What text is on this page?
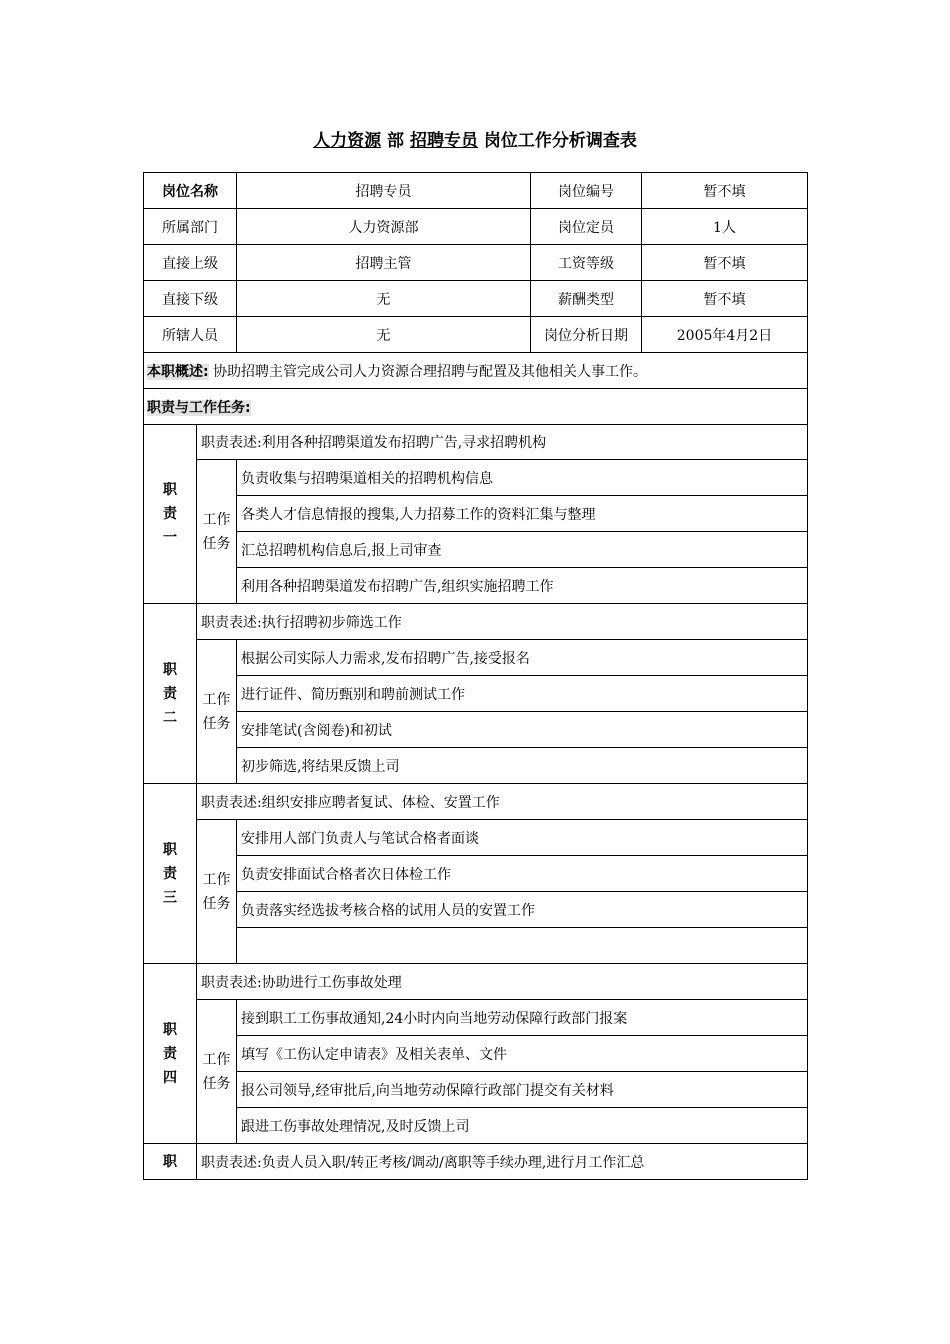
人力资源 部 招聘专员 岗位工作分析调查表
岗位名称		招聘专员	岗位编号	暂不填
所属部门		人力资源部	岗位定员	1人
直接上级		招聘主管	工资等级	暂不填
直接下级		无	薪酬类型	暂不填
所辖人员		无	岗位分析日期	2005年4月2日
本职概述: 协助招聘主管完成公司人力资源合理招聘与配置及其他相关人事工作。				
职责与工作任务:				
职
责
一	职责表述:利用各种招聘渠道发布招聘广告,寻求招聘机构			
	工作
任务	负责收集与招聘渠道相关的招聘机构信息		
		各类人才信息情报的搜集,人力招募工作的资料汇集与整理		
		汇总招聘机构信息后,报上司审查		
		利用各种招聘渠道发布招聘广告,组织实施招聘工作		
职
责
二	职责表述:执行招聘初步筛选工作			
	工作
任务	根据公司实际人力需求,发布招聘广告,接受报名		
		进行证件、简历甄别和聘前测试工作		
		安排笔试(含阅卷)和初试		
		初步筛选,将结果反馈上司		
职
责
三	职责表述:组织安排应聘者复试、体检、安置工作			
	工作
任务	安排用人部门负责人与笔试合格者面谈		
		负责安排面试合格者次日体检工作		
		负责落实经选拔考核合格的试用人员的安置工作		

职
责
四	职责表述:协助进行工伤事故处理			
	工作
任务	接到职工工伤事故通知,24小时内向当地劳动保障行政部门报案		
		填写《工伤认定申请表》及相关表单、文件		
		报公司领导,经审批后,向当地劳动保障行政部门提交有关材料		
		跟进工伤事故处理情况,及时反馈上司		
职	职责表述:负责人员入职/转正考核/调动/离职等手续办理,进行月工作汇总			
